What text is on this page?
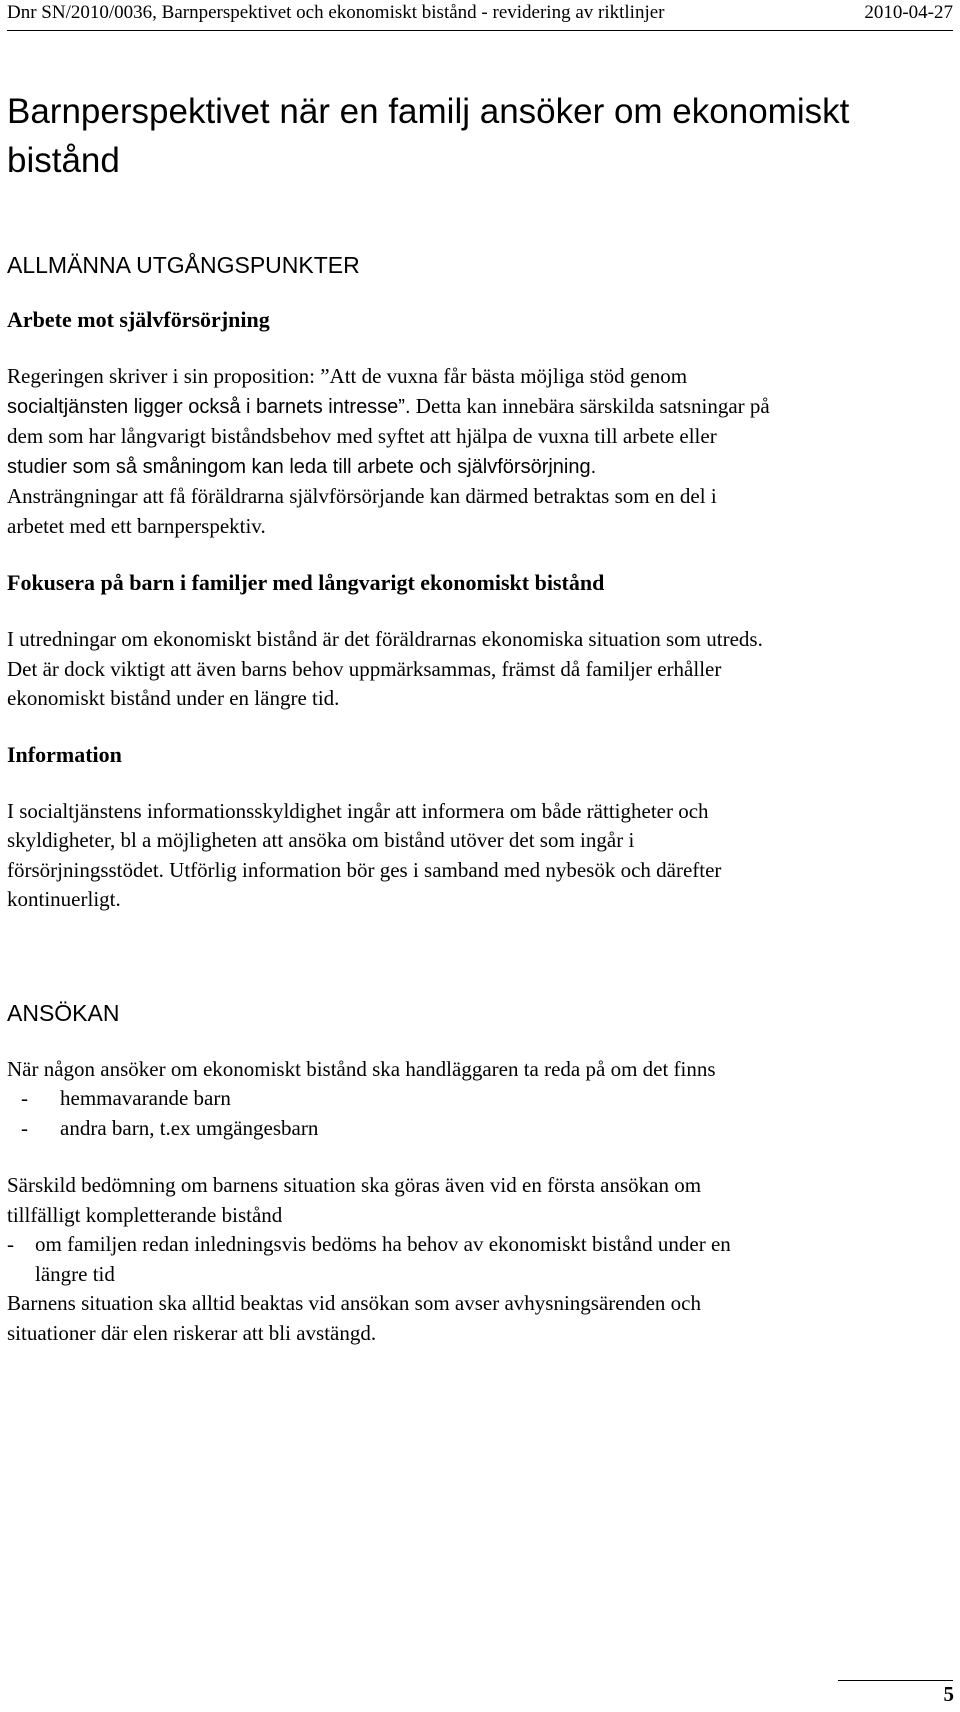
Dnr SN/2010/0036, Barnperspektivet och ekonomiskt bistånd - revidering av riktlinjer	2010-04-27
Barnperspektivet när en familj ansöker om ekonomiskt
bistånd
ALLMÄNNA UTGÅNGSPUNKTER
Arbete mot självförsörjning

Regeringen skriver i sin proposition: ”Att de vuxna får bästa möjliga stöd genom
socialtjänsten ligger också i barnets intresse”. Detta kan innebära särskilda satsningar på
dem som har långvarigt biståndsbehov med syftet att hjälpa de vuxna till arbete eller
studier som så småningom kan leda till arbete och självförsörjning.
Ansträngningar att få föräldrarna självförsörjande kan därmed betraktas som en del i
arbetet med ett barnperspektiv.

Fokusera på barn i familjer med långvarigt ekonomiskt bistånd

I utredningar om ekonomiskt bistånd är det föräldrarnas ekonomiska situation som utreds.
Det är dock viktigt att även barns behov uppmärksammas, främst då familjer erhåller
ekonomiskt bistånd under en längre tid.

Information

I socialtjänstens informationsskyldighet ingår att informera om både rättigheter och
skyldigheter, bl a möjligheten att ansöka om bistånd utöver det som ingår i
försörjningsstödet. Utförlig information bör ges i samband med nybesök och därefter
kontinuerligt.

ANSÖKAN

När någon ansöker om ekonomiskt bistånd ska handläggaren ta reda på om det finns

-	hemmavarande barn
-	andra barn, t.ex umgängesbarn

Särskild bedömning om barnens situation ska göras även vid en första ansökan om
tillfälligt kompletterande bistånd

-	om familjen redan inledningsvis bedöms ha behov av ekonomiskt bistånd under en
längre tid

Barnens situation ska alltid beaktas vid ansökan som avser avhysningsärenden och
situationer där elen riskerar att bli avstängd.

5
